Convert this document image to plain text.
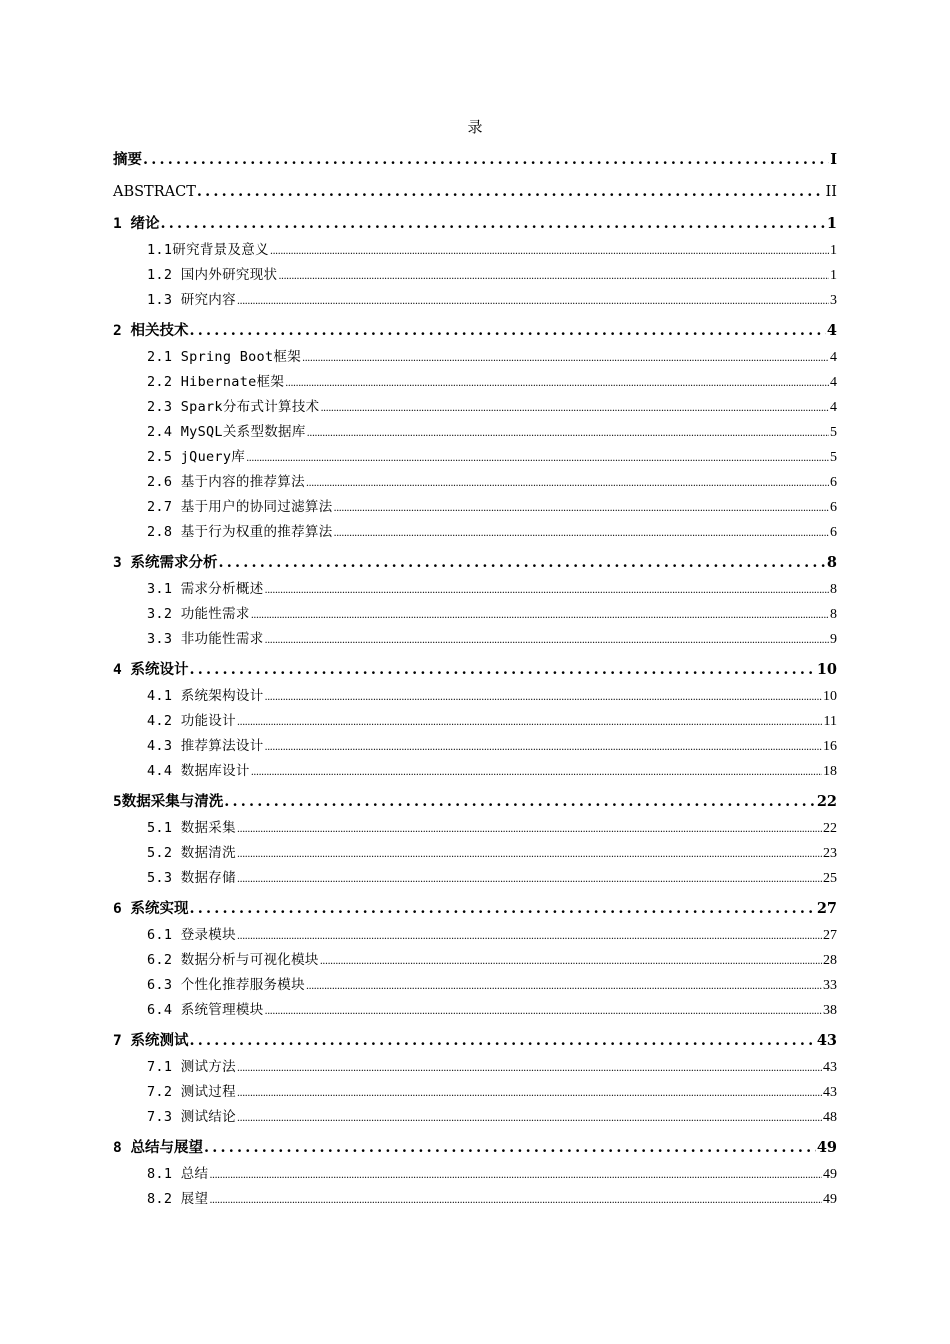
录
摘要 .....	I
ABSTRACT .....	II
1 绪论 .....	1
1.1研究背景及意义 .....	1
1.2 国内外研究现状 .....	1
1.3 研究内容 .....	3
2 相关技术 .....	4
2.1 Spring Boot框架 .....	4
2.2 Hibernate框架 .....	4
2.3 Spark分布式计算技术 .....	4
2.4 MySQL关系型数据库 .....	5
2.5 jQuery库 .....	5
2.6 基于内容的推荐算法 .....	6
2.7 基于用户的协同过滤算法 .....	6
2.8 基于行为权重的推荐算法 .....	6
3 系统需求分析 .....	8
3.1 需求分析概述 .....	8
3.2 功能性需求 .....	8
3.3 非功能性需求 .....	9
4 系统设计 .....	10
4.1 系统架构设计 .....	10
4.2 功能设计 .....	11
4.3 推荐算法设计 .....	16
4.4 数据库设计 .....	18
5数据采集与清洗 .....	22
5.1 数据采集 .....	22
5.2 数据清洗 .....	23
5.3 数据存储 .....	25
6 系统实现 .....	27
6.1 登录模块 .....	27
6.2 数据分析与可视化模块 .....	28
6.3 个性化推荐服务模块 .....	33
6.4 系统管理模块 .....	38
7 系统测试 .....	43
7.1 测试方法 .....	43
7.2 测试过程 .....	43
7.3 测试结论 .....	48
8 总结与展望 .....	49
8.1 总结 .....	49
8.2 展望 .....	49
